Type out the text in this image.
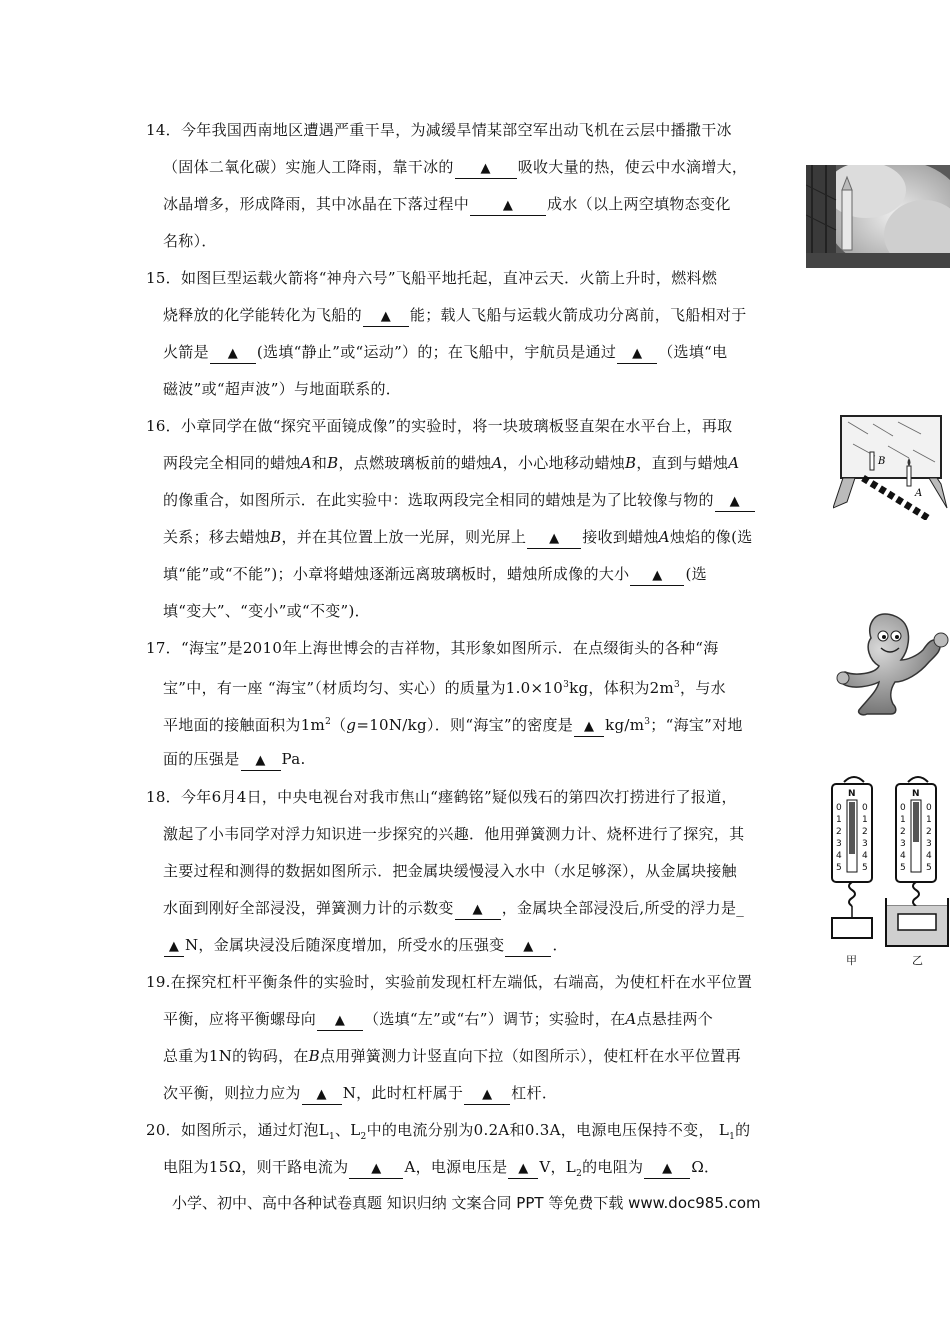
14．今年我国西南地区遭遇严重干旱，为减缓旱情某部空军出动飞机在云层中播撒干冰
（固体二氧化碳）实施人工降雨，靠干冰的 ▲ 吸收大量的热，使云中水滴增大，
冰晶增多，形成降雨，其中冰晶在下落过程中	▲ 成水（以上两空填物态变化
名称）．
15．如图巨型运载火箭将“神舟六号”飞船平地托起，直冲云天．火箭上升时，燃料燃
烧释放的化学能转化为飞船的 ▲ 能；载人飞船与运载火箭成功分离前，飞船相对于
火箭是 ▲ (选填“静止”或“运动”）的；在飞船中，宇航员是通过 ▲ （选填“电
磁波”或“超声波”）与地面联系的．
16．小章同学在做“探究平面镜成像”的实验时，将一块玻璃板竖直架在水平台上，再取
两段完全相同的蜡烛A和B，点燃玻璃板前的蜡烛A，小心地移动蜡烛B，直到与蜡烛A
的像重合，如图所示．在此实验中：选取两段完全相同的蜡烛是为了比较像与物的 ▲
关系；移去蜡烛B，并在其位置上放一光屏，则光屏上 ▲ 接收到蜡烛A烛焰的像(选
填“能”或“不能”)；小章将蜡烛逐渐远离玻璃板时，蜡烛所成像的大小 ▲ (选
填“变大”、“变小”或“不变”)．
B
A
17．“海宝”是2010年上海世博会的吉祥物，其形象如图所示．在点缀街头的各种“海
宝”中，有一座 “海宝”（材质均匀、实心）的质量为$1.0\times 10^3kg$，体积为$2m^3$，与水
平地面的接触面积为$1m^2(g=10N/kg)$．则“海宝”的密度是 ▲ $kg/m^3$；“海宝”对地
面的压强是 ▲ Pa.
18．今年6月4日，中央电视台对我市焦山“瘗鹤铭”疑似残石的第四次打捞进行了报道，
激起了小韦同学对浮力知识进一步探究的兴趣．他用弹簧测力计、烧杯进行了探究，其
主要过程和测得的数据如图所示．把金属块缓慢浸入水中（水足够深），从金属块接触
水面到刚好全部浸没，弹簧测力计的示数变 ▲ ，金属块全部浸没后,所受的浮力是_
▲ N，金属块浸没后随深度增加，所受水的压强变 ▲ ．
N
0
1
2
3
4
5
0
1
2
3
4
5
甲
N
0
1
2
3
4
5
0
1
2
3
4
5
乙
19.在探究杠杆平衡条件的实验时，实验前发现杠杆左端低，右端高，为使杠杆在水平位置
平衡，应将平衡螺母向 ▲ （选填“左”或“右”）调节；实验时，在A点悬挂两个
总重为1N的钩码，在B点用弹簧测力计竖直向下拉（如图所示），使杠杆在水平位置再
次平衡，则拉力应为 ▲ N，此时杠杆属于 ▲ 杠杆．
20．如图所示，通过灯泡$L_1$、$L_2$中的电流分别为0.2A和0.3A，电源电压保持不变， $L_1$的
电阻为15Ω，则干路电流为 ▲ A，电源电压是 ▲ V，$L_2$的电阻为 ▲ Ω．
小学、初中、高中各种试卷真题 知识归纳 文案合同 PPT 等免费下载 www.doc985.com
